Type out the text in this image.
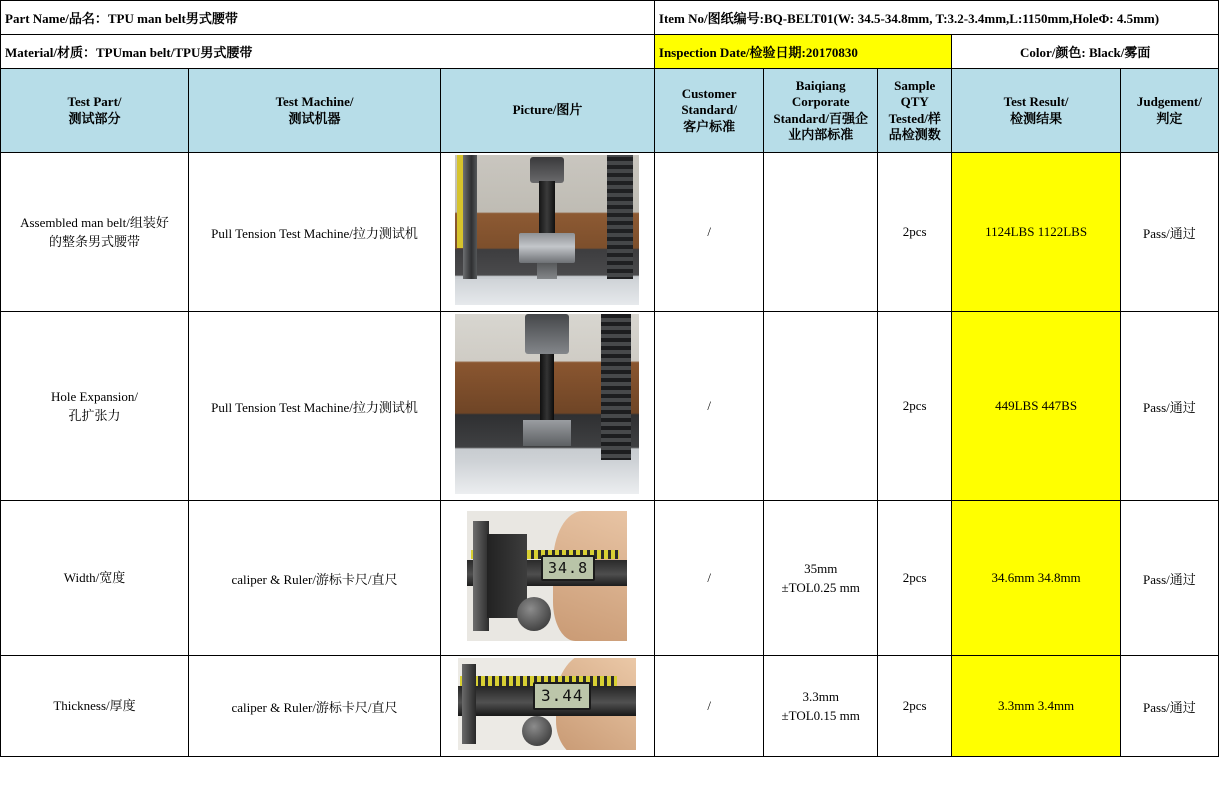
Part Name/品名：TPU man belt男式腰带			Item No/图纸编号:BQ-BELT01(W: 34.5-34.8mm, T:3.2-3.4mm,L:1150mm,HoleΦ: 4.5mm)				
Material/材质：TPUman belt/TPU男式腰带			Inspection Date/检验日期:20170830			Color/颜色: Black/雾面	

Test Part/
测试部分

Test Machine/
测试机器

Picture/图片

Customer
Standard/
客户标准

Baiqiang
Corporate
Standard/百强企
业内部标准

Sample
QTY
Tested/样
品检测数

Test Result/
检测结果

Judgement/
判定

Assembled man belt/组装好
的整条男式腰带	Pull Tension Test Machine/拉力测试机		/		2pcs	1124LBS 1122LBS	Pass/通过

Hole Expansion/
孔扩张力	Pull Tension Test Machine/拉力测试机		/		2pcs	449LBS 447BS	Pass/通过

Width/宽度	caliper & Ruler/游标卡尺/直尺	34.8	/	35mm
±TOL0.25 mm	2pcs	34.6mm 34.8mm	Pass/通过

Thickness/厚度	caliper & Ruler/游标卡尺/直尺	3.44	/	3.3mm
±TOL0.15 mm	2pcs	3.3mm 3.4mm	Pass/通过
